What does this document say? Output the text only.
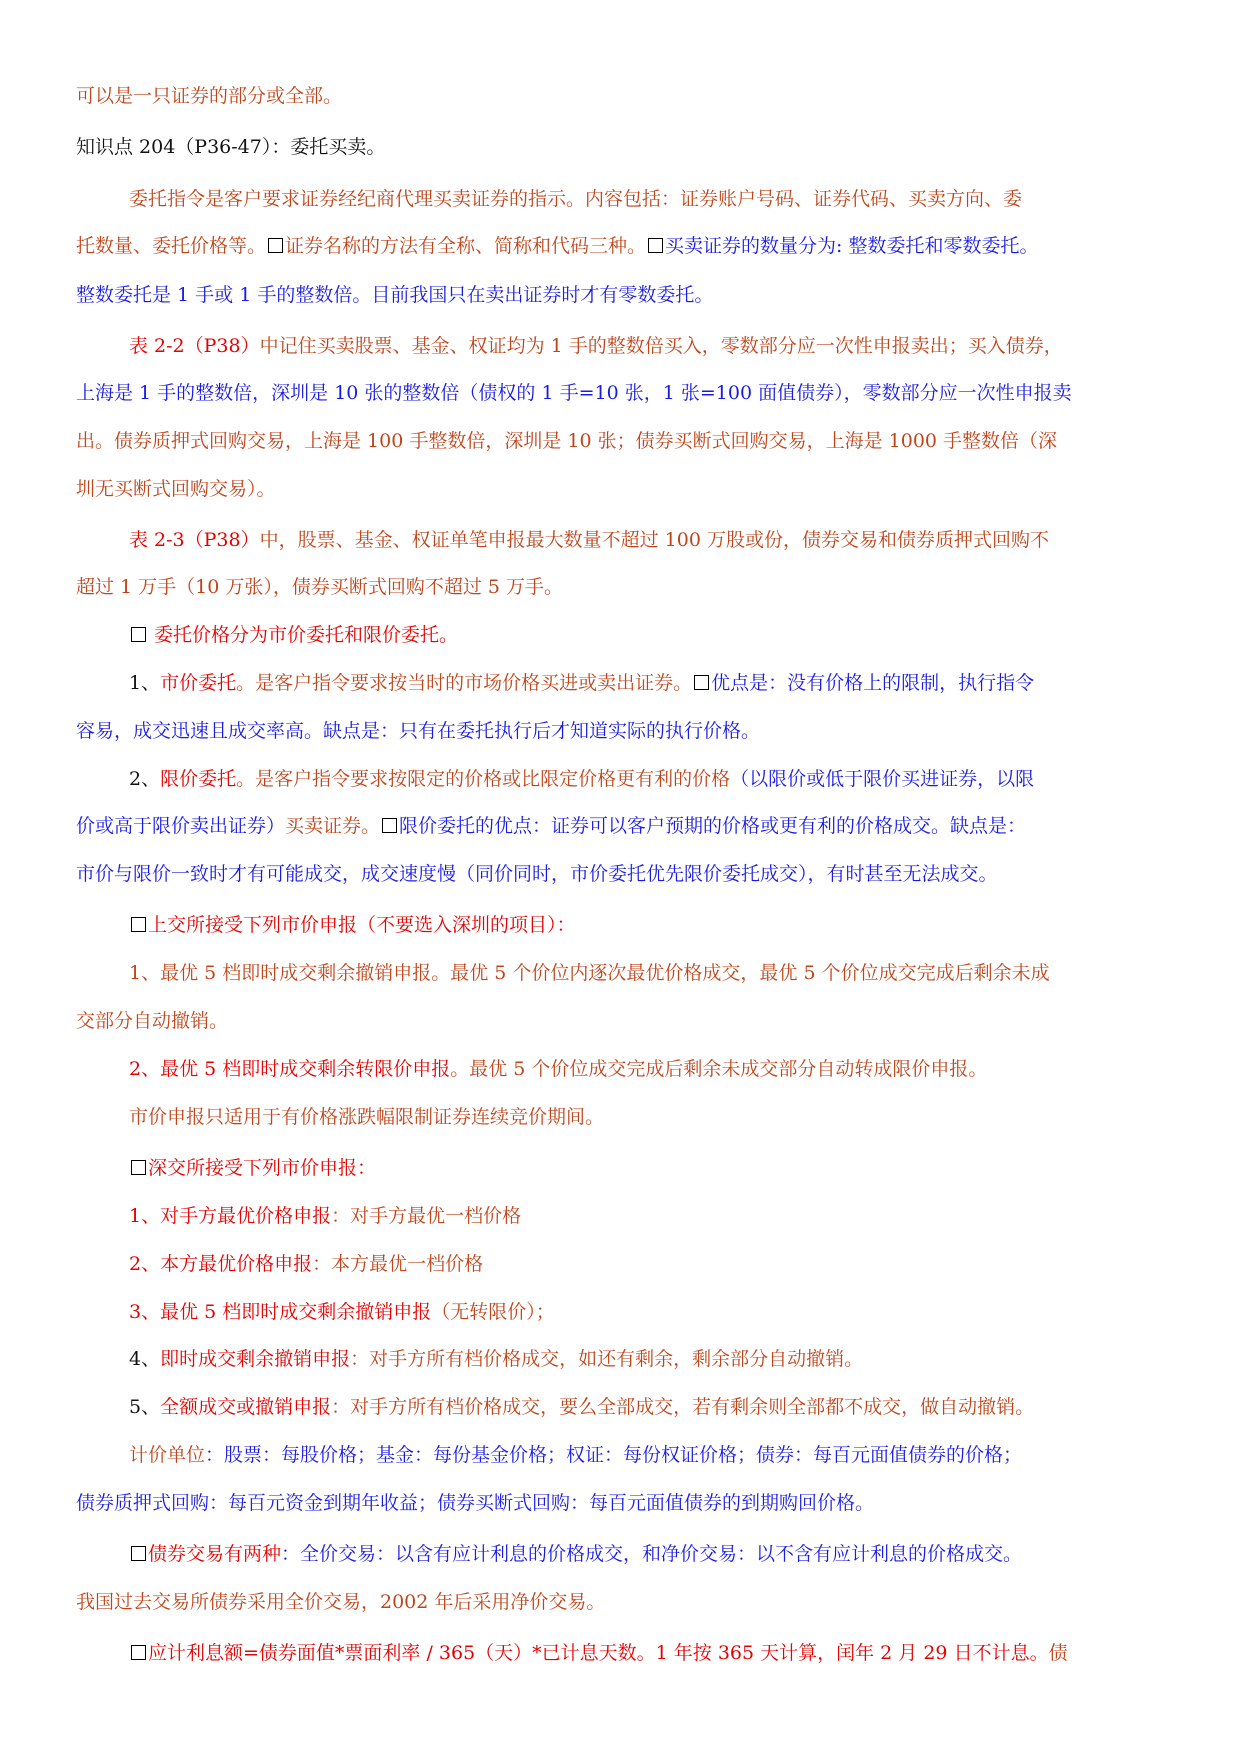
可以是一只证券的部分或全部。
知识点 204（P36-47）：委托买卖。
委托指令是客户要求证券经纪商代理买卖证券的指示。内容包括：证券账户号码、证券代码、买卖方向、委
托数量、委托价格等。 证券名称的方法有全称、简称和代码三种。 买卖证券的数量分为: 整数委托和零数委托。
整数委托是 1 手或 1 手的整数倍。目前我国只在卖出证券时才有零数委托。
表 2-2（P38）中记住买卖股票、基金、权证均为 1 手的整数倍买入，零数部分应一次性申报卖出；买入债券，
上海是 1 手的整数倍，深圳是 10 张的整数倍（债权的 1 手=10 张，1 张=100 面值债券），零数部分应一次性申报卖
出。债券质押式回购交易，上海是 100 手整数倍，深圳是 10 张；债券买断式回购交易，上海是 1000 手整数倍（深
圳无买断式回购交易）。
表 2-3（P38）中，股票、基金、权证单笔申报最大数量不超过 100 万股或份，债券交易和债券质押式回购不
超过 1 万手（10 万张），债券买断式回购不超过 5 万手。
委托价格分为市价委托和限价委托。
1、市价委托。是客户指令要求按当时的市场价格买进或卖出证券。 优点是：没有价格上的限制，执行指令
容易，成交迅速且成交率高。缺点是：只有在委托执行后才知道实际的执行价格。
2、限价委托。是客户指令要求按限定的价格或比限定价格更有利的价格（以限价或低于限价买进证券，以限
价或高于限价卖出证券）买卖证券。 限价委托的优点：证券可以客户预期的价格或更有利的价格成交。缺点是：
市价与限价一致时才有可能成交，成交速度慢（同价同时，市价委托优先限价委托成交），有时甚至无法成交。
上交所接受下列市价申报（不要选入深圳的项目）：
1、最优 5 档即时成交剩余撤销申报。最优 5 个价位内逐次最优价格成交，最优 5 个价位成交完成后剩余未成
交部分自动撤销。
2、最优 5 档即时成交剩余转限价申报。最优 5 个价位成交完成后剩余未成交部分自动转成限价申报。
市价申报只适用于有价格涨跌幅限制证券连续竞价期间。
深交所接受下列市价申报：
1、对手方最优价格申报：对手方最优一档价格
2、本方最优价格申报：本方最优一档价格
3、最优 5 档即时成交剩余撤销申报（无转限价）；
4、即时成交剩余撤销申报：对手方所有档价格成交，如还有剩余，剩余部分自动撤销。
5、全额成交或撤销申报：对手方所有档价格成交，要么全部成交，若有剩余则全部都不成交，做自动撤销。
计价单位：股票：每股价格；基金：每份基金价格；权证：每份权证价格；债券：每百元面值债券的价格；
债券质押式回购：每百元资金到期年收益；债券买断式回购：每百元面值债券的到期购回价格。
债券交易有两种：全价交易：以含有应计利息的价格成交，和净价交易：以不含有应计利息的价格成交。
我国过去交易所债券采用全价交易，2002 年后采用净价交易。
应计利息额=债券面值*票面利率 / 365（天）*已计息天数。1 年按 365 天计算，闰年 2 月 29 日不计息。债
